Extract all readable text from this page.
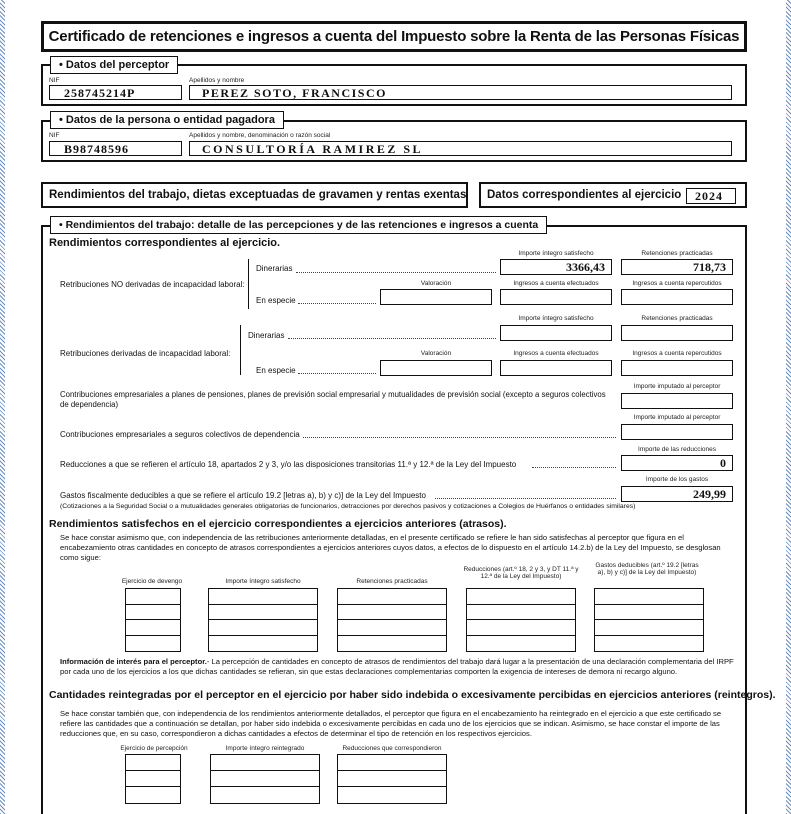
Certificado de retenciones e ingresos a cuenta del Impuesto sobre la Renta de las Personas Físicas
• Datos del perceptor
NIF
258745214P
Apellidos y nombre
PEREZ SOTO, FRANCISCO
• Datos de la persona o entidad pagadora
NIF
B98748596
Apellidos y nombre, denominación o razón social
CONSULTORÍA RAMIREZ SL
Rendimientos del trabajo, dietas exceptuadas de gravamen y rentas exentas Datos correspondientes al ejercicio 2024
• Rendimientos del trabajo: detalle de las percepciones y de las retenciones e ingresos a cuenta
Rendimientos correspondientes al ejercicio.
Importe íntegro satisfecho	Retenciones practicadas
Retribuciones NO derivadas de incapacidad laboral:
Dinerarias	3366,43	718,73
Valoración	Ingresos a cuenta efectuados	Ingresos a cuenta repercutidos
En especie
Importe íntegro satisfecho	Retenciones practicadas
Retribuciones derivadas de incapacidad laboral:
Dinerarias
Valoración	Ingresos a cuenta efectuados	Ingresos a cuenta repercutidos
En especie
Importe imputado al perceptor
Contribuciones empresariales a planes de pensiones, planes de previsión social empresarial y mutualidades de previsión social (excepto a seguros colectivos de dependencia)
Importe imputado al perceptor
Contribuciones empresariales a seguros colectivos de dependencia
Importe de las reducciones
Reducciones a que se refieren el artículo 18, apartados 2 y 3, y/o las disposiciones transitorias 11.ª y 12.ª de la Ley del Impuesto	0
Importe de los gastos
Gastos fiscalmente deducibles a que se refiere el artículo 19.2 [letras a), b) y c)] de la Ley del Impuesto	249,99
(Cotizaciones a la Seguridad Social o a mutualidades generales obligatorias de funcionarios, detracciones por derechos pasivos y cotizaciones a Colegios de Huérfanos o entidades similares)
Rendimientos satisfechos en el ejercicio correspondientes a ejercicios anteriores (atrasos).
Se hace constar asimismo que, con independencia de las retribuciones anteriormente detalladas, en el presente certificado se refiere le han sido satisfechas al perceptor que figura en el encabezamiento otras cantidades en concepto de atrasos correspondientes a ejercicios anteriores cuyos datos, a efectos de lo dispuesto en el artículo 14.2.b) de la Ley del Impuesto, se desglosan como sigue:
Ejercicio de devengo	Importe íntegro satisfecho	Retenciones practicadas
Reducciones (art.º 18, 2 y 3, y DT 11.ª y 12.ª de la Ley del Impuesto)
Gastos deducibles (art.º 19.2 [letras a), b) y c)] de la Ley del Impuesto)
Información de interés para el perceptor.- La percepción de cantidades en concepto de atrasos de rendimientos del trabajo dará lugar a la presentación de una declaración complementaria del IRPF por cada uno de los ejercicios a los que dichas cantidades se refieran, sin que estas declaraciones complementarias comporten la exigencia de intereses de demora ni recargo alguno.
Cantidades reintegradas por el perceptor en el ejercicio por haber sido indebida o excesivamente percibidas en ejercicios anteriores (reintegros).
Se hace constar también que, con independencia de los rendimientos anteriormente detallados, el perceptor que figura en el encabezamiento ha reintegrado en el ejercicio a que este certificado se refiere las cantidades que a continuación se detallan, por haber sido indebida o excesivamente percibidas en cada uno de los ejercicios que se indican. Asimismo, se hace constar el importe de las reducciones que, en su caso, correspondieron a dichas cantidades a efectos de determinar el tipo de retención en los respectivos ejercicios.
Ejercicio de percepción	Importe íntegro reintegrado	Reducciones que correspondieron
